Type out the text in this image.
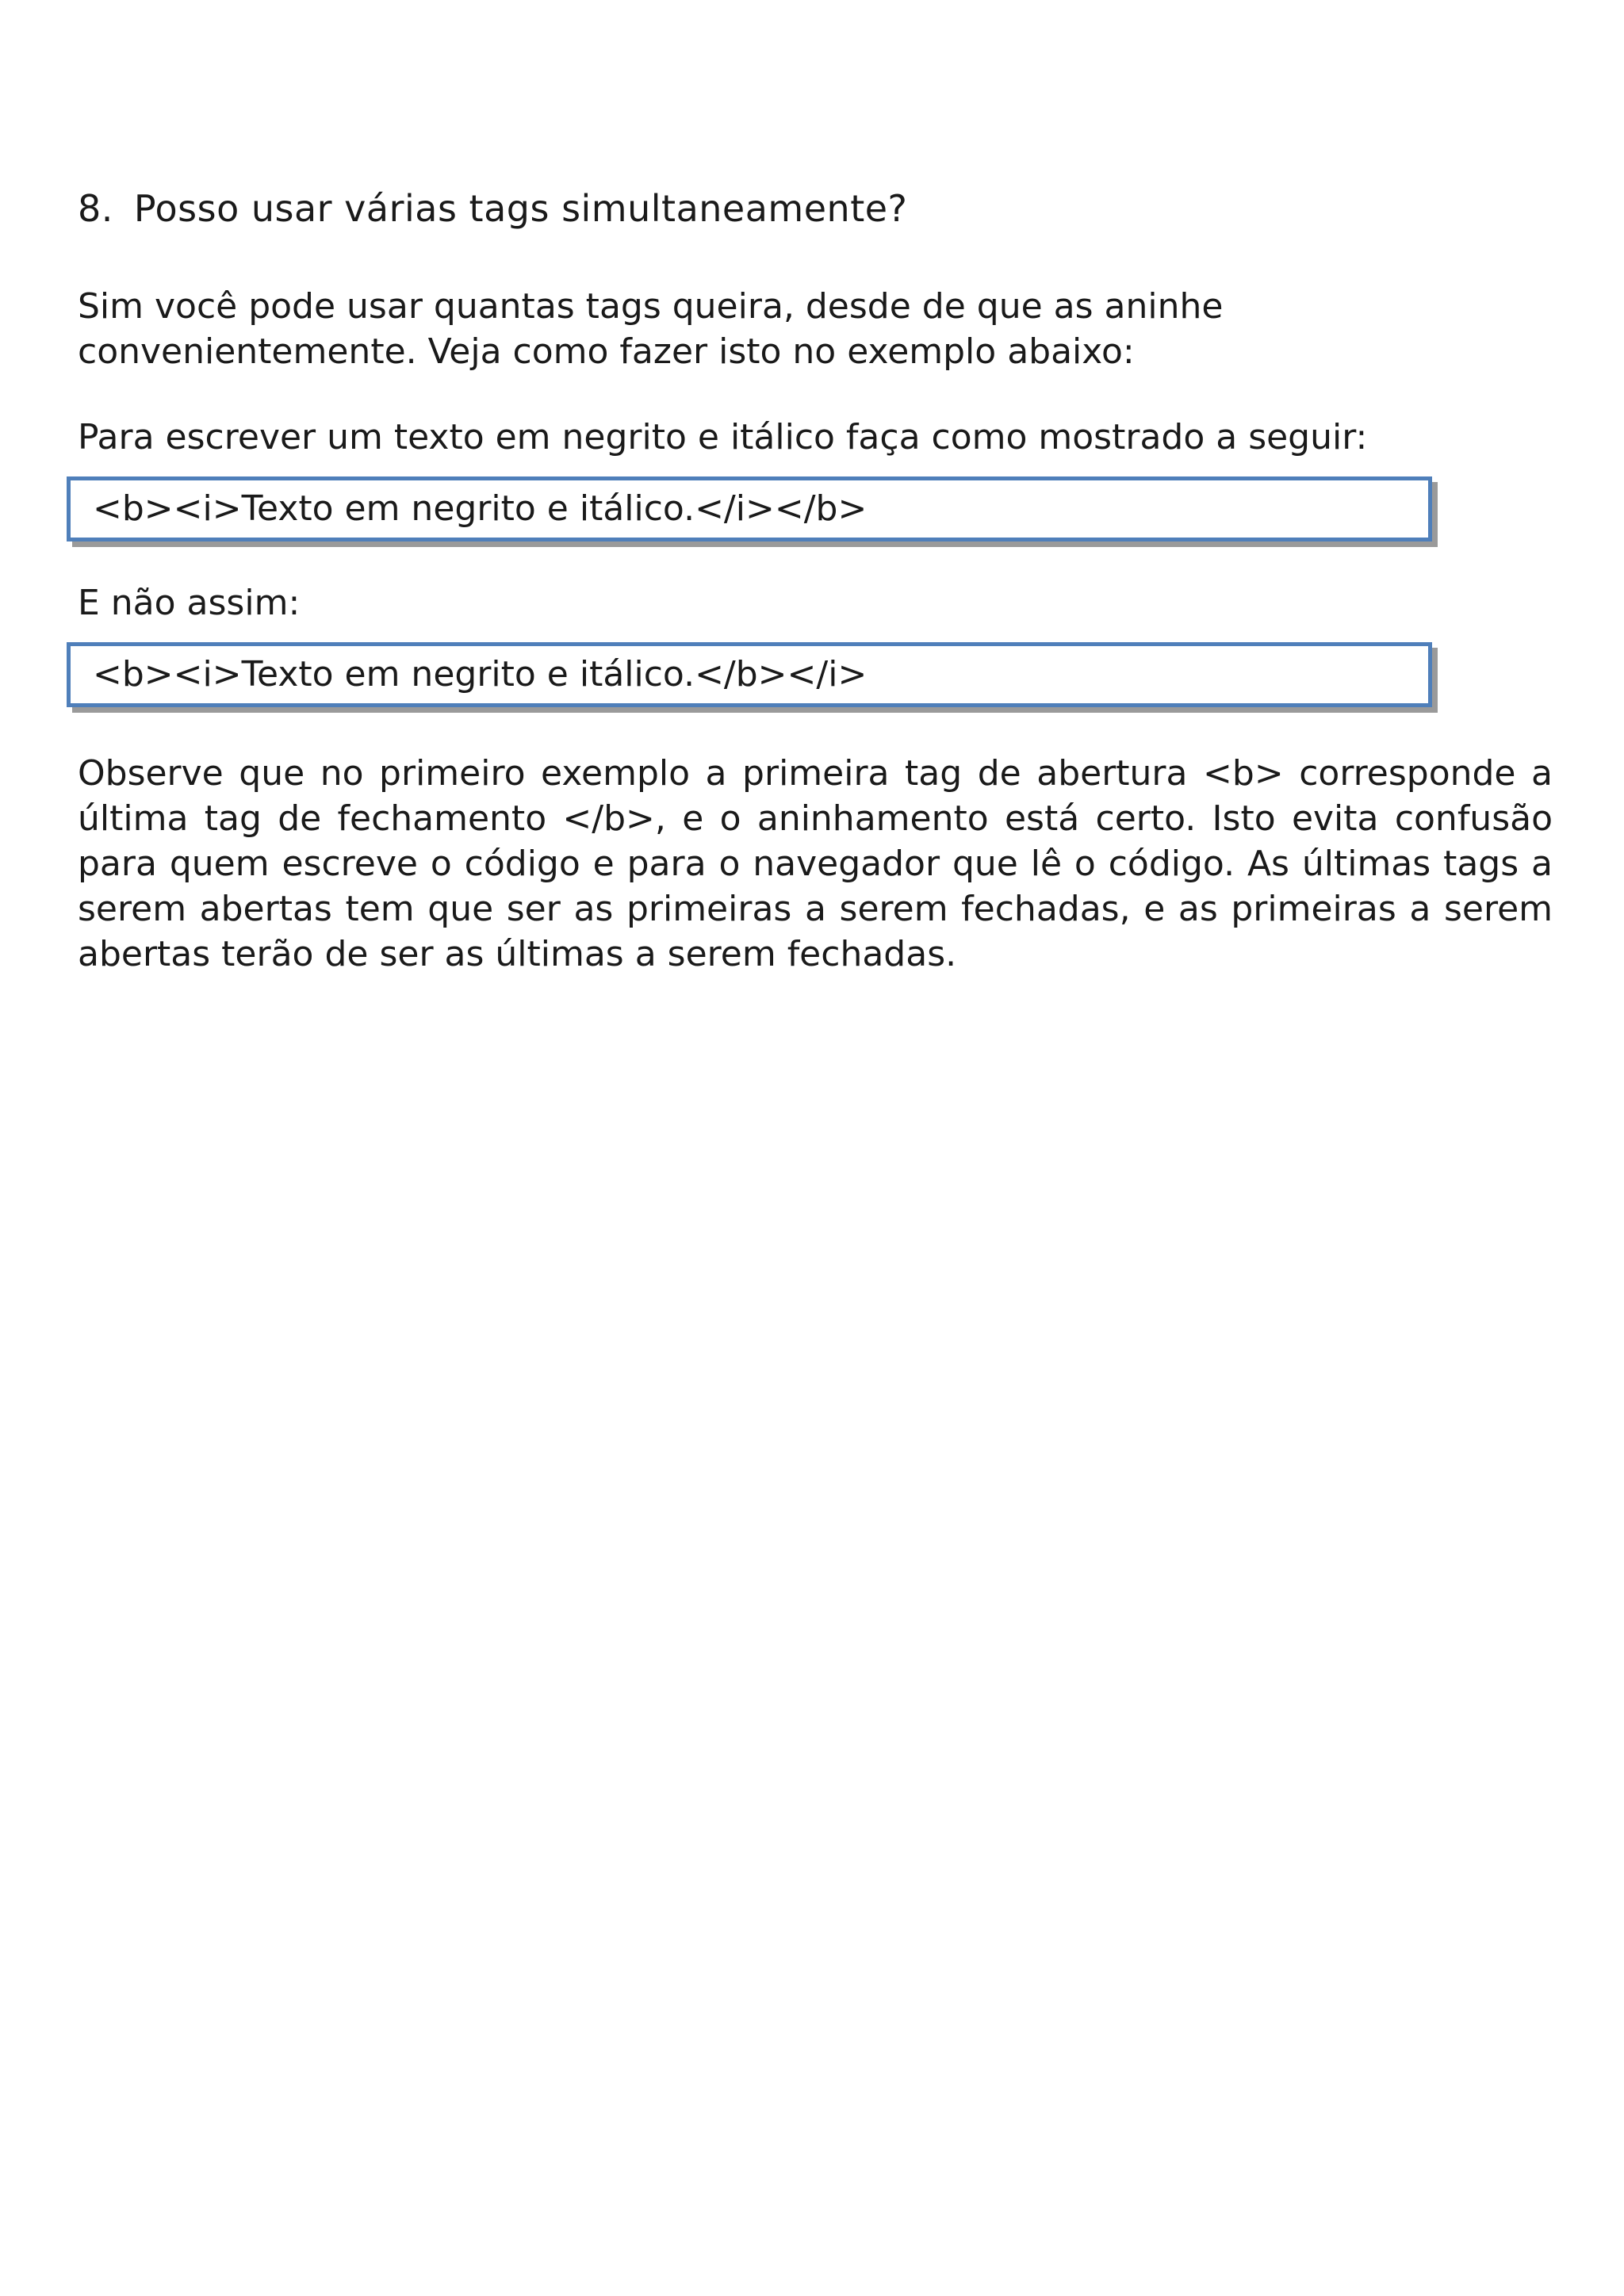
8. Posso usar várias tags simultaneamente?

Sim você pode usar quantas tags queira, desde de que as aninhe convenientemente. Veja como fazer isto no exemplo abaixo:

Para escrever um texto em negrito e itálico faça como mostrado a seguir:

<b><i>Texto em negrito e itálico.</i></b>

E não assim:

<b><i>Texto em negrito e itálico.</b></i>

Observe que no primeiro exemplo a primeira tag de abertura <b> corresponde a última tag de fechamento </b>, e o aninhamento está certo. Isto evita confusão para quem escreve o código e para o navegador que lê o código. As últimas tags a serem abertas tem que ser as primeiras a serem fechadas, e as primeiras a serem abertas terão de ser as últimas a serem fechadas.
